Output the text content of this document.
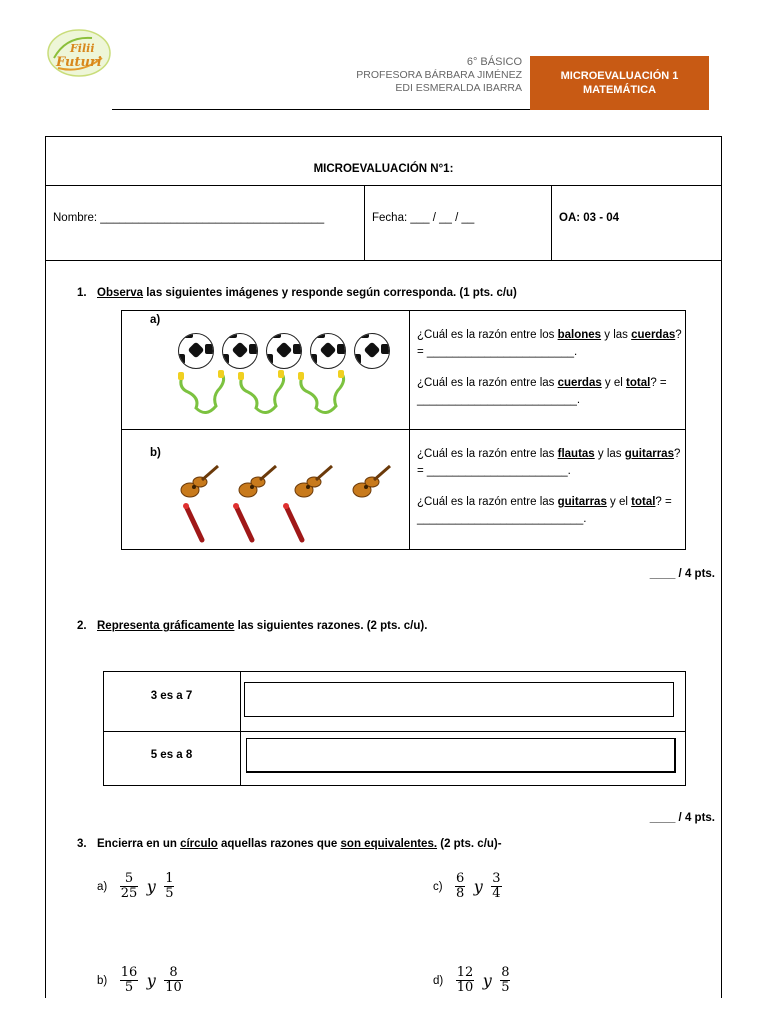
Filii
Futuri	6° BÁSICO
PROFESORA BÁRBARA JIMÉNEZ
EDI ESMERALDA IBARRA
MICROEVALUACIÓN 1
MATEMÁTICA
MICROEVALUACIÓN N°1:
Nombre: ___________________________________	Fecha: ___ / __ / __	OA: 03 - 04
1. Observa las siguientes imágenes y responde según corresponda. (1 pts. c/u)
a)
¿Cuál es la razón entre los balones y las cuerdas? = _______________________.
¿Cuál es la razón entre las cuerdas y el total? = _________________________.
b)	¿Cuál es la razón entre las flautas y las guitarras? = ______________________.
¿Cuál es la razón entre las guitarras y el total? = __________________________.
____ / 4 pts.
2. Representa gráficamente las siguientes razones. (2 pts. c/u).
3 es a 7
5 es a 8
____ / 4 pts.
3. Encierra en un círculo aquellas razones que son equivalentes. (2 pts. c/u)-
$a) \frac{5}{25}$ y $\frac{1}{5}$	$c) \frac{6}{8}$ y $\frac{3}{4}$
$b) \frac{16}{5}$ y $\frac{8}{10}$	$d) \frac{12}{10}$ y $\frac{8}{5}$
